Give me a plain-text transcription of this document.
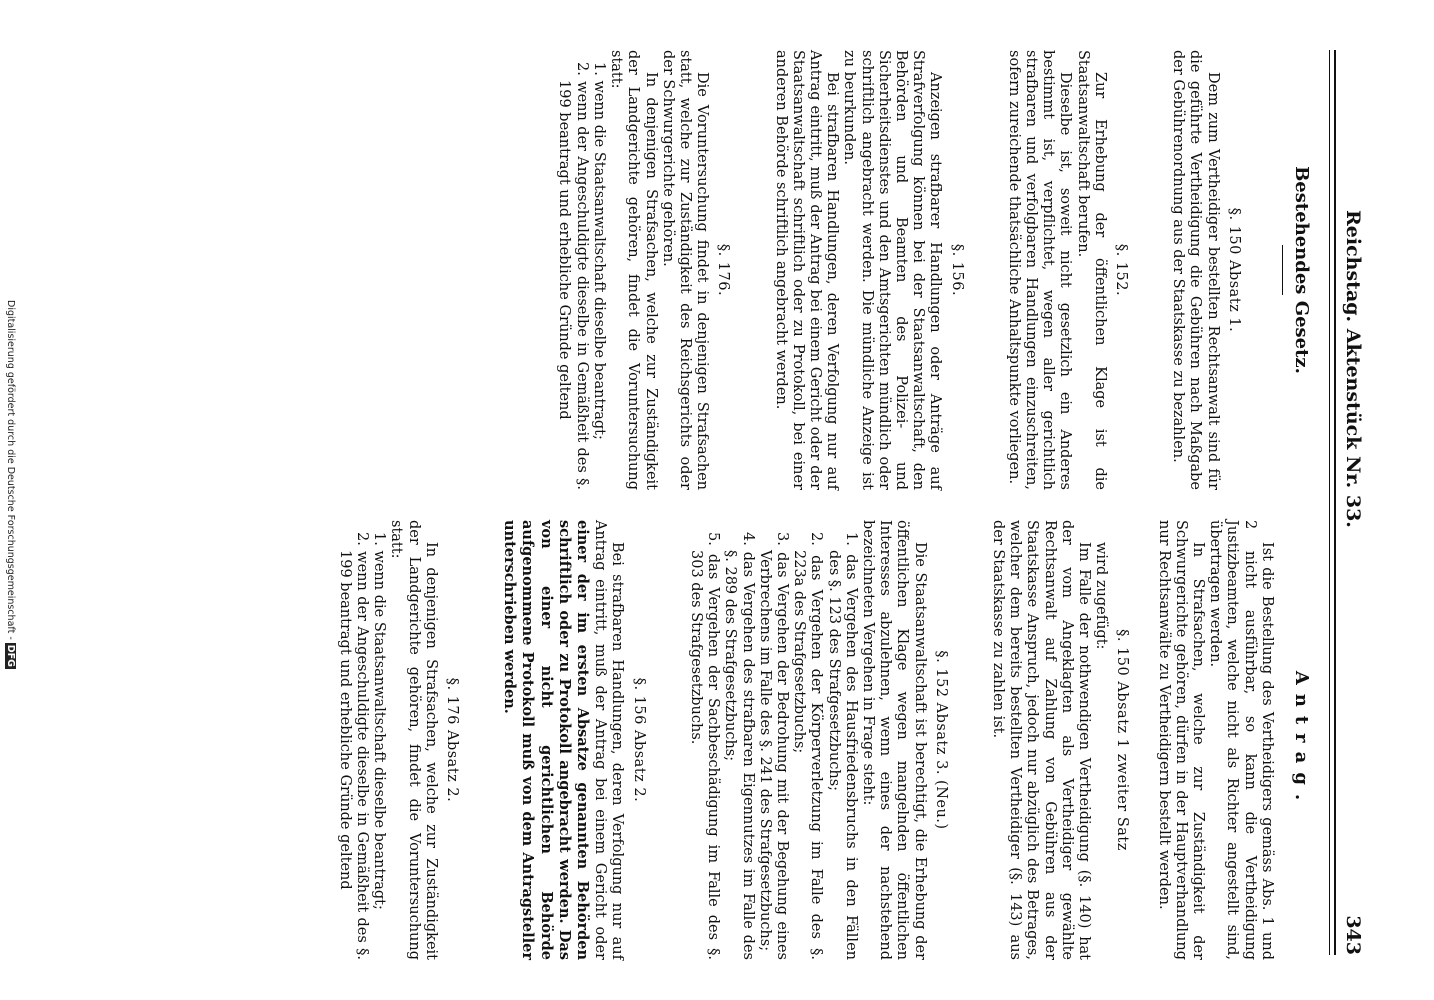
Reichstag. Aktenstück Nr. 33.
343
Bestehendes Gesetz.
§. 150 Absatz 1.

Dem zum Vertheidiger bestellten Rechtsanwalt sind für die geführte Vertheidigung die Gebühren nach Maßgabe der Gebührenordnung aus der Staatskasse zu bezahlen.

§. 152.

Zur Erhebung der öffentlichen Klage ist die Staatsanwaltschaft berufen.

Dieselbe ist, soweit nicht gesetzlich ein Anderes bestimmt ist, verpflichtet, wegen aller gerichtlich strafbaren und verfolgbaren Handlungen einzuschreiten, sofern zureichende thatsächliche Anhaltspunkte vorliegen.

§. 156.

Anzeigen strafbarer Handlungen oder Anträge auf Strafverfolgung können bei der Staatsanwaltschaft, den Behörden und Beamten des Polizei- und Sicherheitsdienstes und den Amtsgerichten mündlich oder schriftlich angebracht werden. Die mündliche Anzeige ist zu beurkunden.

Bei strafbaren Handlungen, deren Verfolgung nur auf Antrag eintritt, muß der Antrag bei einem Gericht oder der Staatsanwaltschaft schriftlich oder zu Protokoll, bei einer anderen Behörde schriftlich angebracht werden.

§. 176.

Die Voruntersuchung findet in denjenigen Strafsachen statt, welche zur Zuständigkeit des Reichsgerichts oder der Schwurgerichte gehören.

In denjenigen Strafsachen, welche zur Zuständigkeit der Landgerichte gehören, findet die Voruntersuchung statt:

1. wenn die Staatsanwaltschaft dieselbe beantragt;
2. wenn der Angeschuldigte dieselbe in Gemäßheit des §. 199 beantragt und erhebliche Gründe geltend
Antrag.

Ist die Bestellung des Vertheidigers gemäss Abs. 1 und 2 nicht ausführbar, so kann die Vertheidigung Justizbeamten, welche nicht als Richter angestellt sind, übertragen werden.

In Strafsachen, welche zur Zuständigkeit der Schwurgerichte gehören, dürfen in der Hauptverhandlung nur Rechtsanwälte zu Vertheidigern bestellt werden.

§. 150 Absatz 1 zweiter Satz

wird zugefügt:

Im Falle der nothwendigen Vertheidigung (§. 140) hat der vom Angeklagten als Vertheidiger gewählte Rechtsanwalt auf Zahlung von Gebühren aus der Staatskasse Anspruch, jedoch nur abzüglich des Betrages, welcher dem bereits bestellten Vertheidiger (§. 143) aus der Staatskasse zu zahlen ist.

§. 152 Absatz 3. (Neu.)

Die Staatsanwaltschaft ist berechtigt, die Erhebung der öffentlichen Klage wegen mangelnden öffentlichen Interesses abzulehnen, wenn eines der nachstehend bezeichneten Vergehen in Frage steht:

1. das Vergehen des Hausfriedensbruchs in den Fällen des §. 123 des Strafgesetzbuchs;
2. das Vergehen der Körperverletzung im Falle des §. 223a des Strafgesetzbuchs;
3. das Vergehen der Bedrohung mit der Begehung eines Verbrechens im Falle des §. 241 des Strafgesetzbuchs;
4. das Vergehen des strafbaren Eigennutzes im Falle des §. 289 des Strafgesetzbuchs;
5. das Vergehen der Sachbeschädigung im Falle des §. 303 des Strafgesetzbuchs.
§. 156 Absatz 2.

Bei strafbaren Handlungen, deren Verfolgung nur auf Antrag eintritt, muß der Antrag bei einem Gericht oder einer der im ersten Absatze genannten Behörden schriftlich oder zu Protokoll angebracht werden. Das von einer nicht gerichtlichen Behörde aufgenommene Protokoll muß von dem Antragsteller unterschrieben werden.

§. 176 Absatz 2.

In denjenigen Strafsachen, welche zur Zuständigkeit der Landgerichte gehören, findet die Voruntersuchung statt:

1. wenn die Staatsanwaltschaft dieselbe beantragt;
2. wenn der Angeschuldigte dieselbe in Gemäßheit des §. 199 beantragt und erhebliche Gründe geltend
Digitalisierung gefördert durch die Deutsche Forschungsgemeinschaft -DFG
